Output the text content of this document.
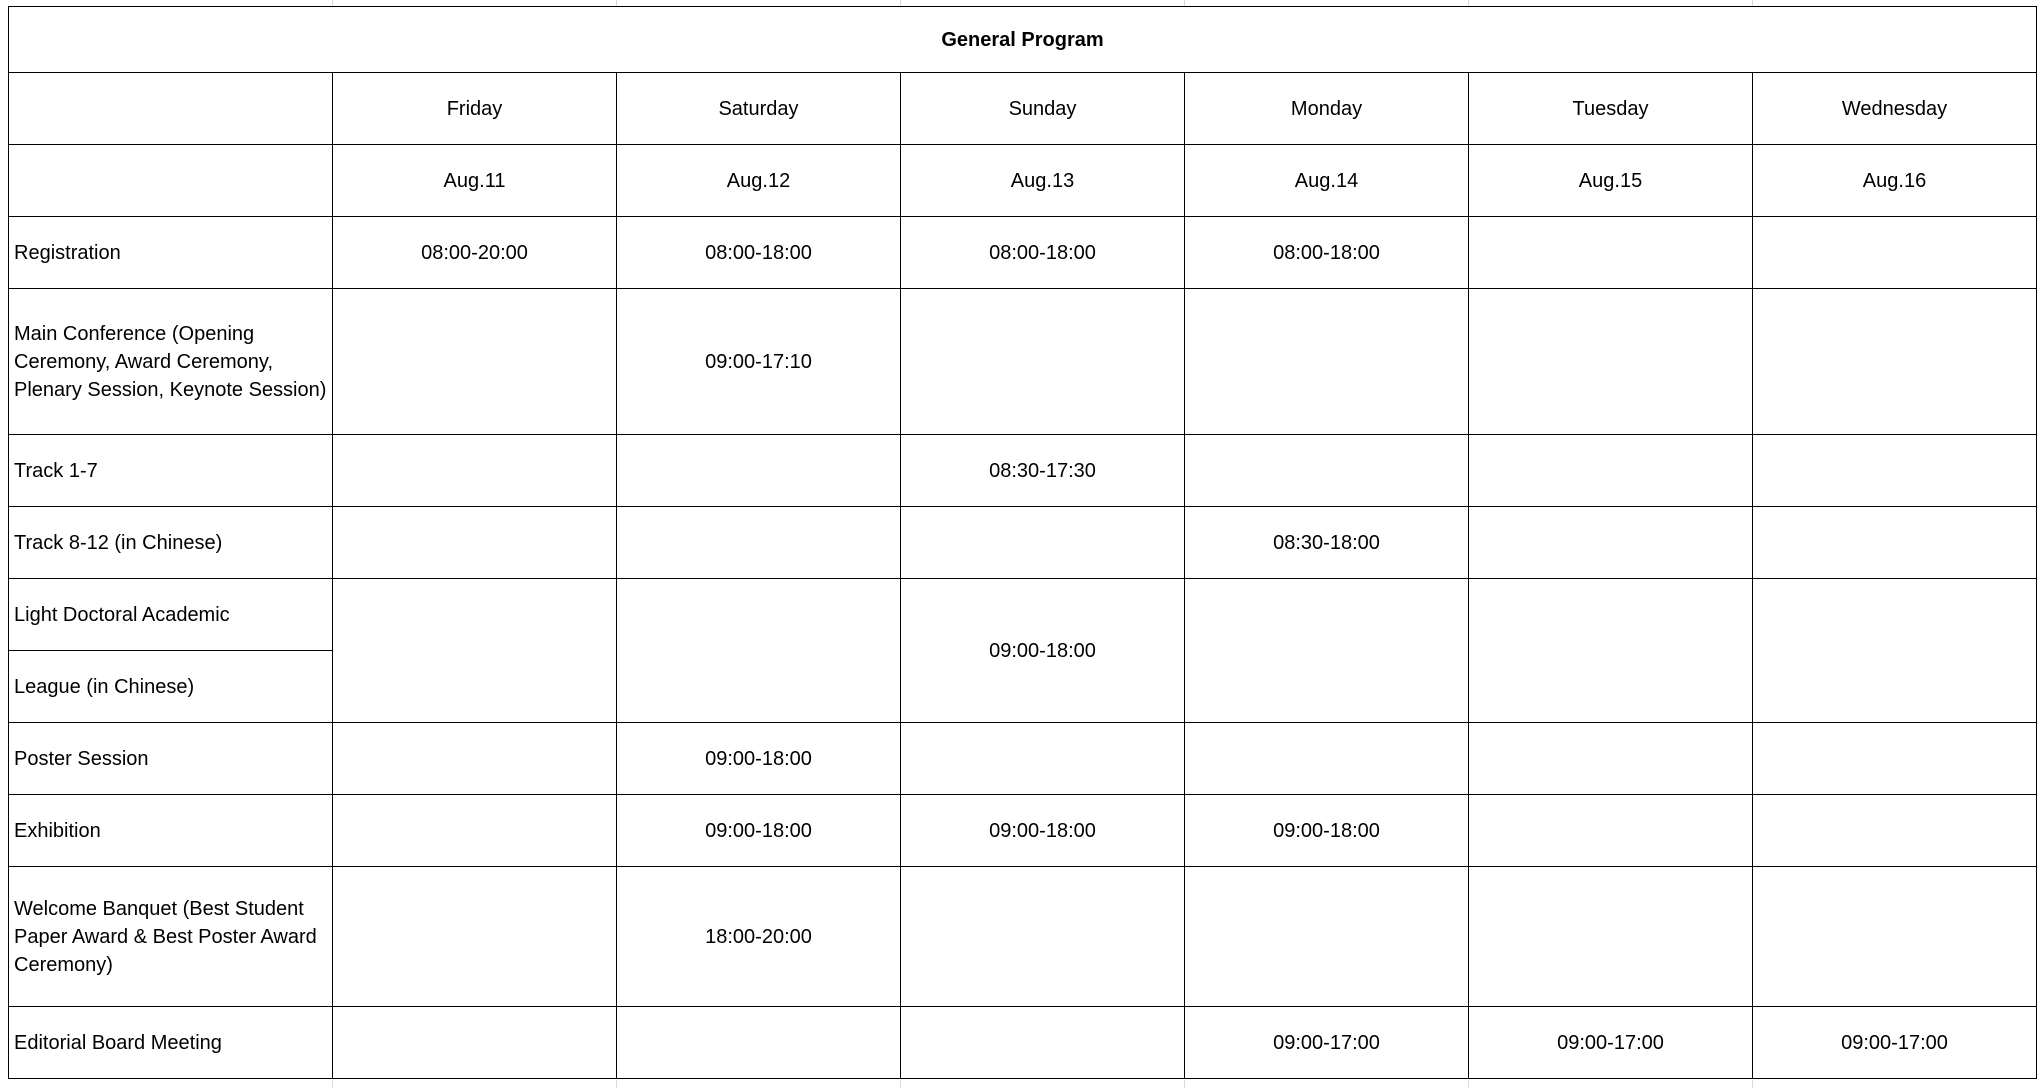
General Program						
	Friday	Saturday	Sunday	Monday	Tuesday	Wednesday
	Aug.11	Aug.12	Aug.13	Aug.14	Aug.15	Aug.16
Registration	08:00-20:00	08:00-18:00	08:00-18:00	08:00-18:00		
Main Conference (Opening Ceremony, Award Ceremony, Plenary Session, Keynote Session)		09:00-17:10				
Track 1-7			08:30-17:30			
Track 8-12 (in Chinese)				08:30-18:00		
Light Doctoral Academic			09:00-18:00			
League (in Chinese)						
Poster Session		09:00-18:00				
Exhibition		09:00-18:00	09:00-18:00	09:00-18:00		
Welcome Banquet (Best Student Paper Award & Best Poster Award Ceremony)		18:00-20:00				
Editorial Board Meeting				09:00-17:00	09:00-17:00	09:00-17:00
